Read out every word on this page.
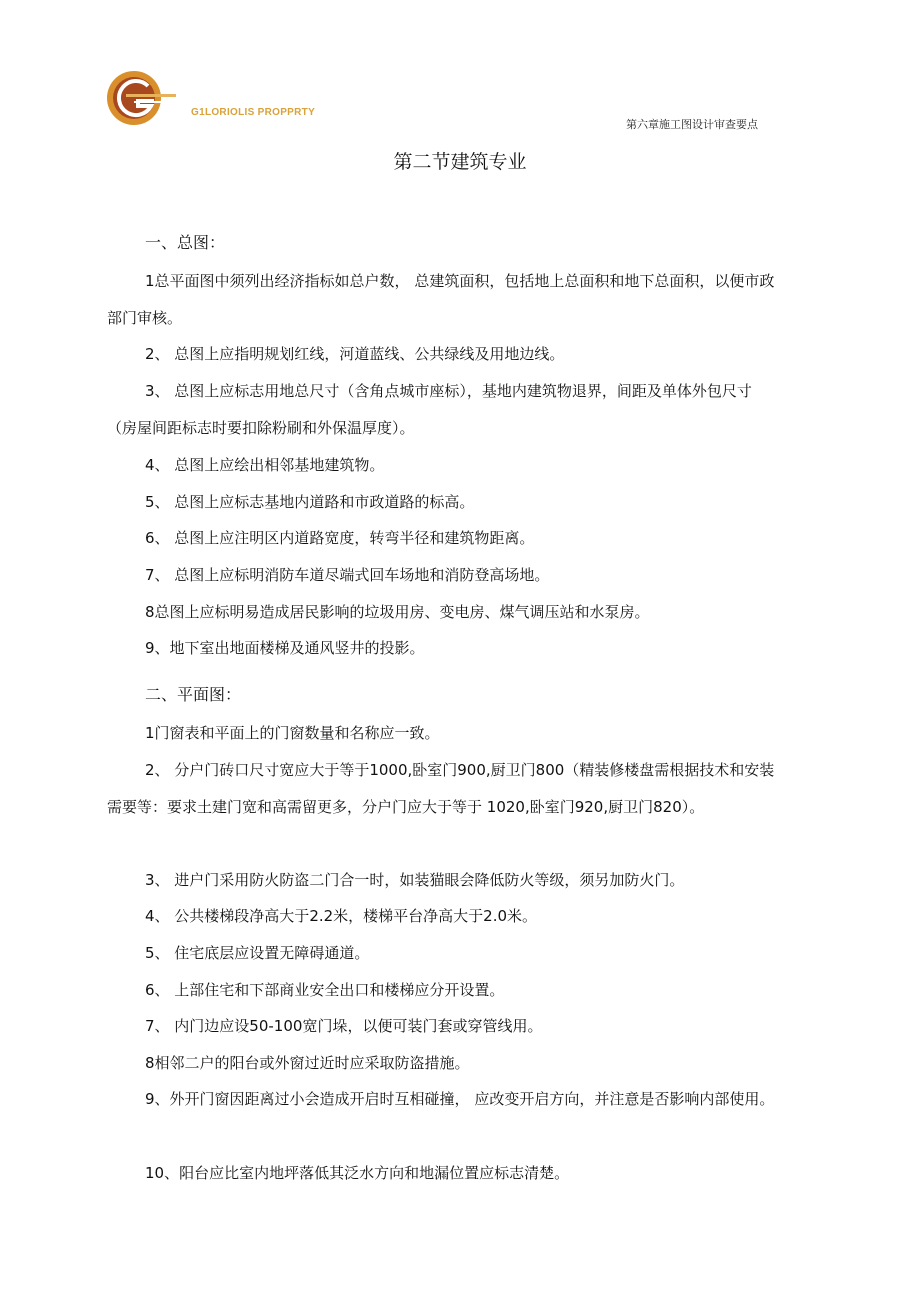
G1LORIOLIS PROPPRTY
第六章施工图设计审查要点
第二节建筑专业
一、总图：

1总平面图中须列出经济指标如总户数， 总建筑面积，包括地上总面积和地下总面积，以便市政部门审核。

2、 总图上应指明规划红线，河道蓝线、公共绿线及用地边线。

3、 总图上应标志用地总尺寸（含角点城市座标），基地内建筑物退界，间距及单体外包尺寸（房屋间距标志时要扣除粉刷和外保温厚度）。

4、 总图上应绘出相邻基地建筑物。

5、 总图上应标志基地内道路和市政道路的标高。

6、 总图上应注明区内道路宽度，转弯半径和建筑物距离。

7、 总图上应标明消防车道尽端式回车场地和消防登高场地。

8总图上应标明易造成居民影响的垃圾用房、变电房、煤气调压站和水泵房。

9、地下室出地面楼梯及通风竖井的投影。

二、平面图：

1门窗表和平面上的门窗数量和名称应一致。

2、 分户门砖口尺寸宽应大于等于1000,卧室门900,厨卫门800（精装修楼盘需根据技术和安装需要等：要求土建门宽和高需留更多，分户门应大于等于 1020,卧室门920,厨卫门820）。

3、 进户门采用防火防盗二门合一时，如装猫眼会降低防火等级，须另加防火门。

4、 公共楼梯段净高大于2.2米，楼梯平台净高大于2.0米。

5、 住宅底层应设置无障碍通道。

6、 上部住宅和下部商业安全出口和楼梯应分开设置。

7、 内门边应设50-100宽门垛，以便可装门套或穿管线用。

8相邻二户的阳台或外窗过近时应采取防盗措施。

9、外开门窗因距离过小会造成开启时互相碰撞， 应改变开启方向，并注意是否影响内部使用。

10、阳台应比室内地坪落低其泛水方向和地漏位置应标志清楚。
